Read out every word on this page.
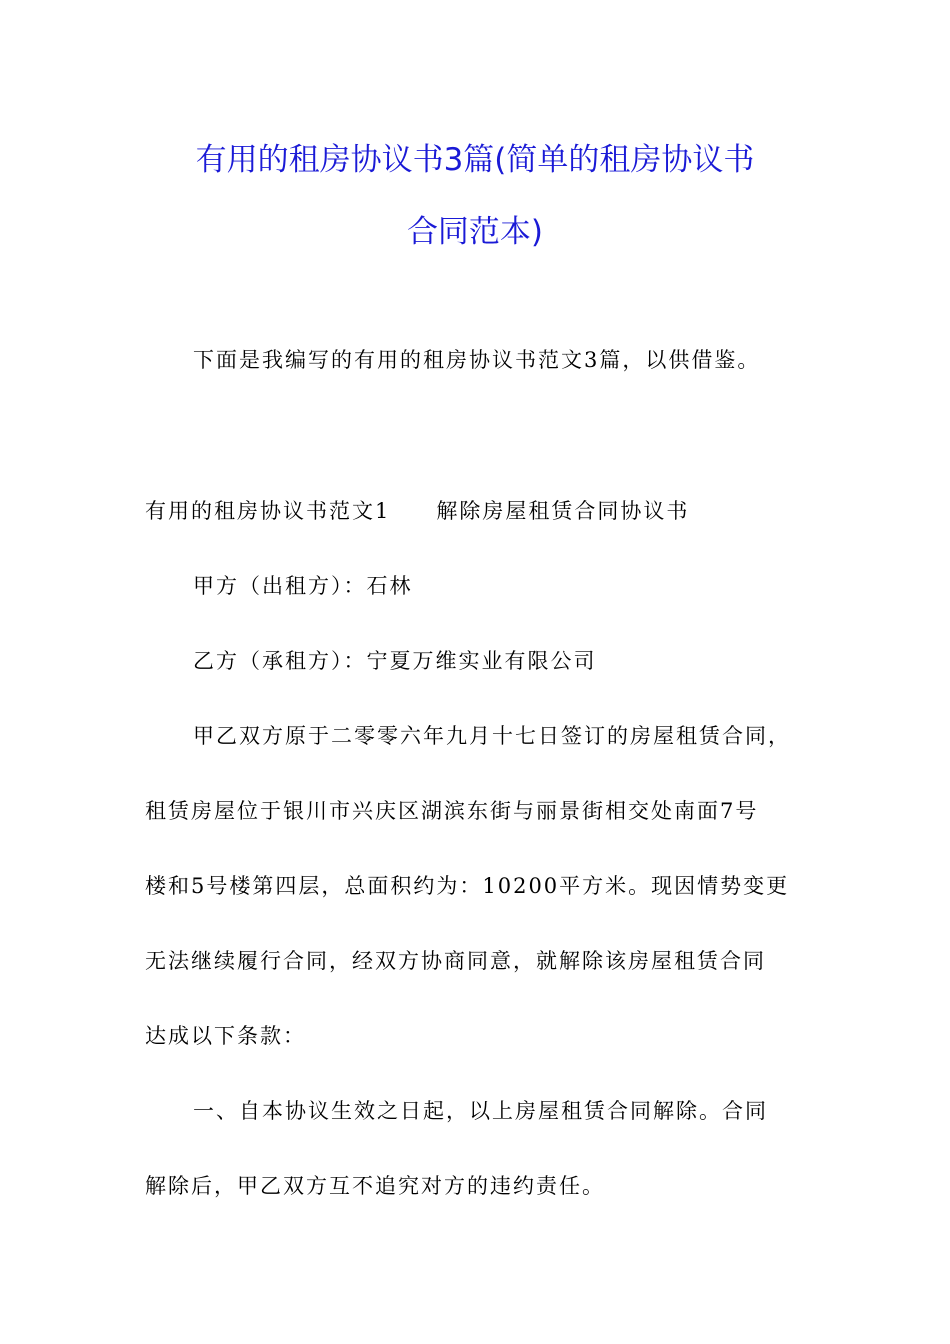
有用的租房协议书3篇(简单的租房协议书
合同范本)
下面是我编写的有用的租房协议书范文3篇，以供借鉴。
有用的租房协议书范文1　　解除房屋租赁合同协议书
甲方（出租方）：石林
乙方（承租方）：宁夏万维实业有限公司
甲乙双方原于二零零六年九月十七日签订的房屋租赁合同，
租赁房屋位于银川市兴庆区湖滨东街与丽景街相交处南面7号
楼和5号楼第四层，总面积约为：10200平方米。现因情势变更
无法继续履行合同，经双方协商同意，就解除该房屋租赁合同
达成以下条款：
一、自本协议生效之日起，以上房屋租赁合同解除。合同
解除后，甲乙双方互不追究对方的违约责任。
